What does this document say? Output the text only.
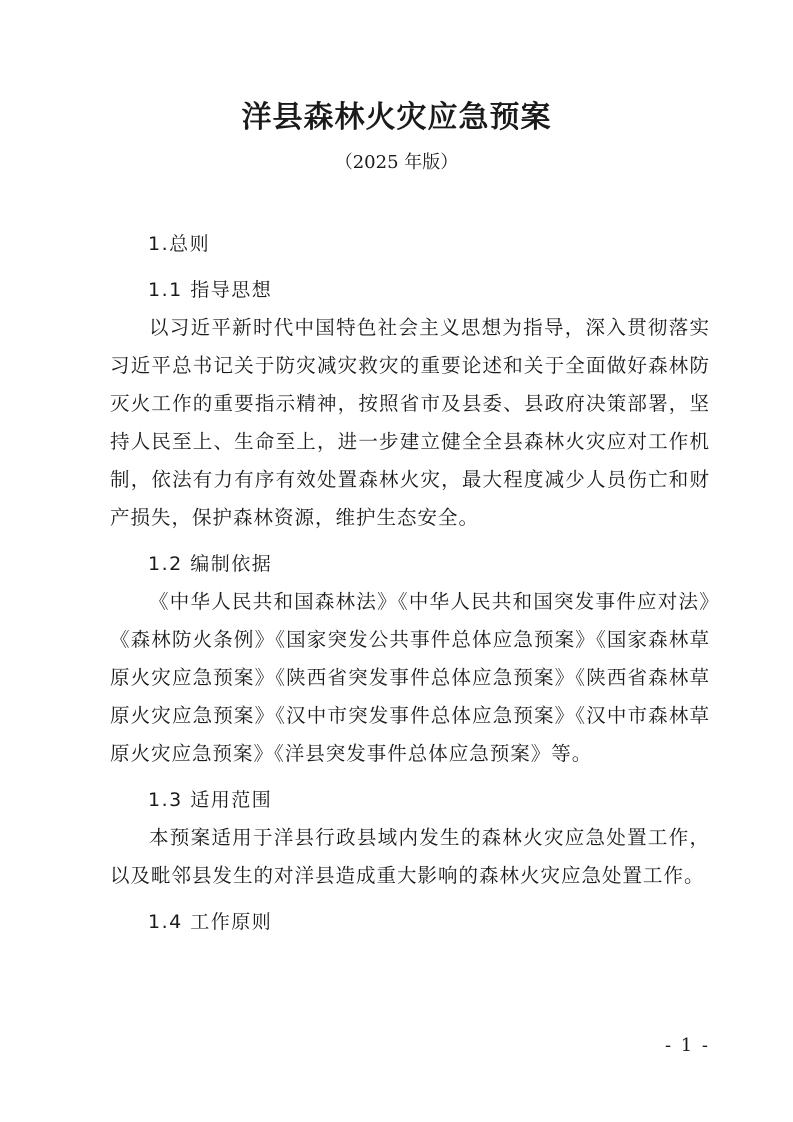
洋县森林火灾应急预案
（2025 年版）
1.总则
1.1 指导思想

以习近平新时代中国特色社会主义思想为指导，深入贯彻落实习近平总书记关于防灾减灾救灾的重要论述和关于全面做好森林防灭火工作的重要指示精神，按照省市及县委、县政府决策部署，坚持人民至上、生命至上，进一步建立健全全县森林火灾应对工作机制，依法有力有序有效处置森林火灾，最大程度减少人员伤亡和财产损失，保护森林资源，维护生态安全。

1.2 编制依据

《中华人民共和国森林法》《中华人民共和国突发事件应对法》《森林防火条例》《国家突发公共事件总体应急预案》《国家森林草原火灾应急预案》《陕西省突发事件总体应急预案》《陕西省森林草原火灾应急预案》《汉中市突发事件总体应急预案》《汉中市森林草原火灾应急预案》《洋县突发事件总体应急预案》等。

1.3 适用范围

本预案适用于洋县行政县域内发生的森林火灾应急处置工作，以及毗邻县发生的对洋县造成重大影响的森林火灾应急处置工作。

1.4 工作原则
- 1 -
